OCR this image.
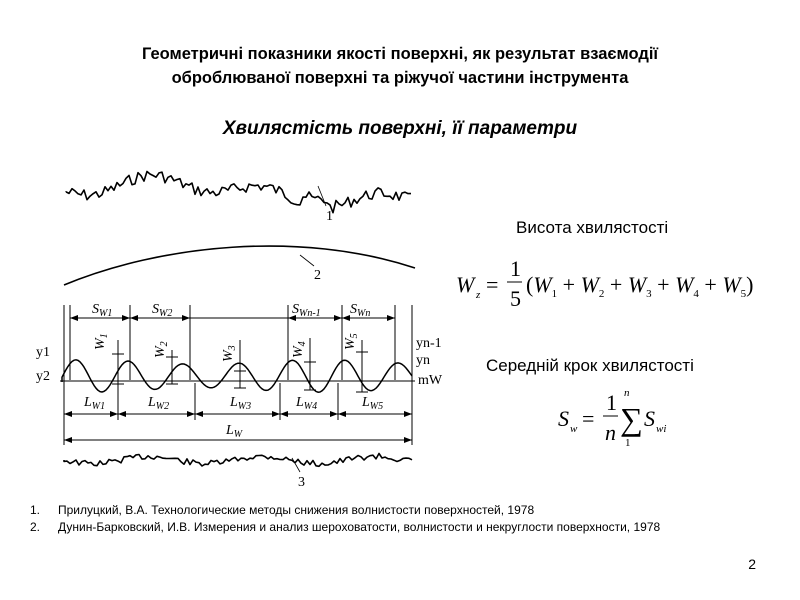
Геометричні показники якості поверхні, як результат взаємодії
оброблюваної поверхні та ріжучої частини інструмента
Хвилястість поверхні, її параметри
$S_{W1}$	$S_{W2}$	$S_{Wn-1}$ $S_{Wn}$
$W_1$
$W_2$
$W_3$	$W_4$	$W_5$
$L_{W1}$	$L_{W2}$	$L_{W3}$	$L_{W4}$	$L_{W5}$
$L_W$
1
2
3
y1
y2
yn-1
yn
mW
Висота хвилястості
W z =
1
5
$(W_1 + W_2 + W_3 + W_4 + W_5)$
Середній крок хвилястості
S w =
1
n
n
∑
1
S wi
1.	Прилуцкий, В.А. Технологические методы снижения волнистости поверхностей, 1978
2.	Дунин-Барковский, И.В. Измерения и анализ шероховатости, волнистости и некруглости поверхности, 1978
2
